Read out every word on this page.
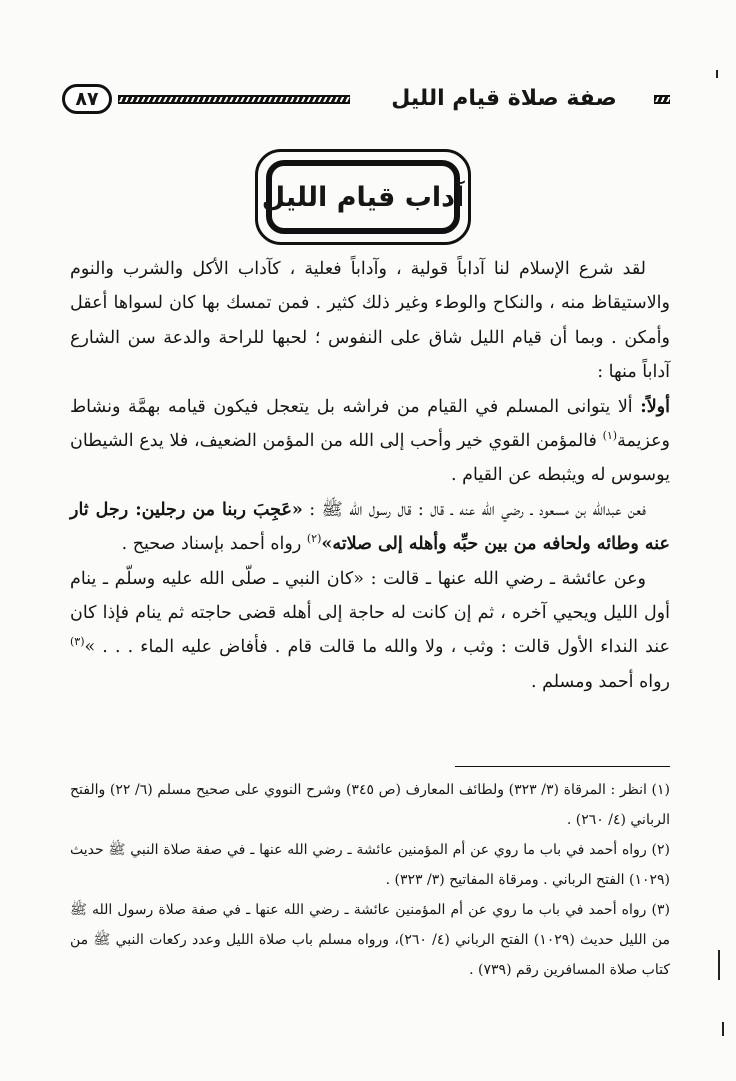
٨٧	صفة صلاة قيام الليل
آداب قيام الليل

لقد شرع الإسلام لنا آداباً قولية ، وآداباً فعلية ، كآداب الأكل والشرب والنوم والاستيقاظ منه ، والنكاح والوطء وغير ذلك كثير . فمن تمسك بها كان لسواها أعقل وأمكن . وبما أن قيام الليل شاق على النفوس ؛ لحبها للراحة والدعة سن الشارع آداباً منها :

أولاً: ألا يتوانى المسلم في القيام من فراشه بل يتعجل فيكون قيامه بهمَّة ونشاط وعزيمة$^{(١)}$ فالمؤمن القوي خير وأحب إلى الله من المؤمن الضعيف، فلا يدع الشيطان يوسوس له ويثبطه عن القيام .

فعن عبدالله بن مسعود ـ رضي الله عنه ـ قال : قال رسول الله ﷺ : «عَجِبَ ربنا من رجلين: رجل ثار عنه وطائه ولحافه من بين حبِّه وأهله إلى صلاته»$^{(٢)}$ رواه أحمد بإسناد صحيح .

وعن عائشة ـ رضي الله عنها ـ قالت : «كان النبي ـ صلّى الله عليه وسلّم ـ ينام أول الليل ويحيي آخره ، ثم إن كانت له حاجة إلى أهله قضى حاجته ثم ينام فإذا كان عند النداء الأول قالت : وثب ، ولا والله ما قالت قام . فأفاض عليه الماء . . . »$^{(٣)}$ رواه أحمد ومسلم .

(١) انظر : المرقاة (٣/ ٣٢٣) ولطائف المعارف (ص ٣٤٥) وشرح النووي على صحيح مسلم (٦/ ٢٢) والفتح الرباني (٤/ ٢٦٠) .

(٢) رواه أحمد في باب ما روي عن أم المؤمنين عائشة ـ رضي الله عنها ـ في صفة صلاة النبي ﷺ حديث (١٠٢٩) الفتح الرباني . ومرقاة المفاتيح (٣/ ٣٢٣) .

(٣) رواه أحمد في باب ما روي عن أم المؤمنين عائشة ـ رضي الله عنها ـ في صفة صلاة رسول الله ﷺ من الليل حديث (١٠٢٩) الفتح الرباني (٤/ ٢٦٠)، ورواه مسلم باب صلاة الليل وعدد ركعات النبي ﷺ من كتاب صلاة المسافرين رقم (٧٣٩) .
